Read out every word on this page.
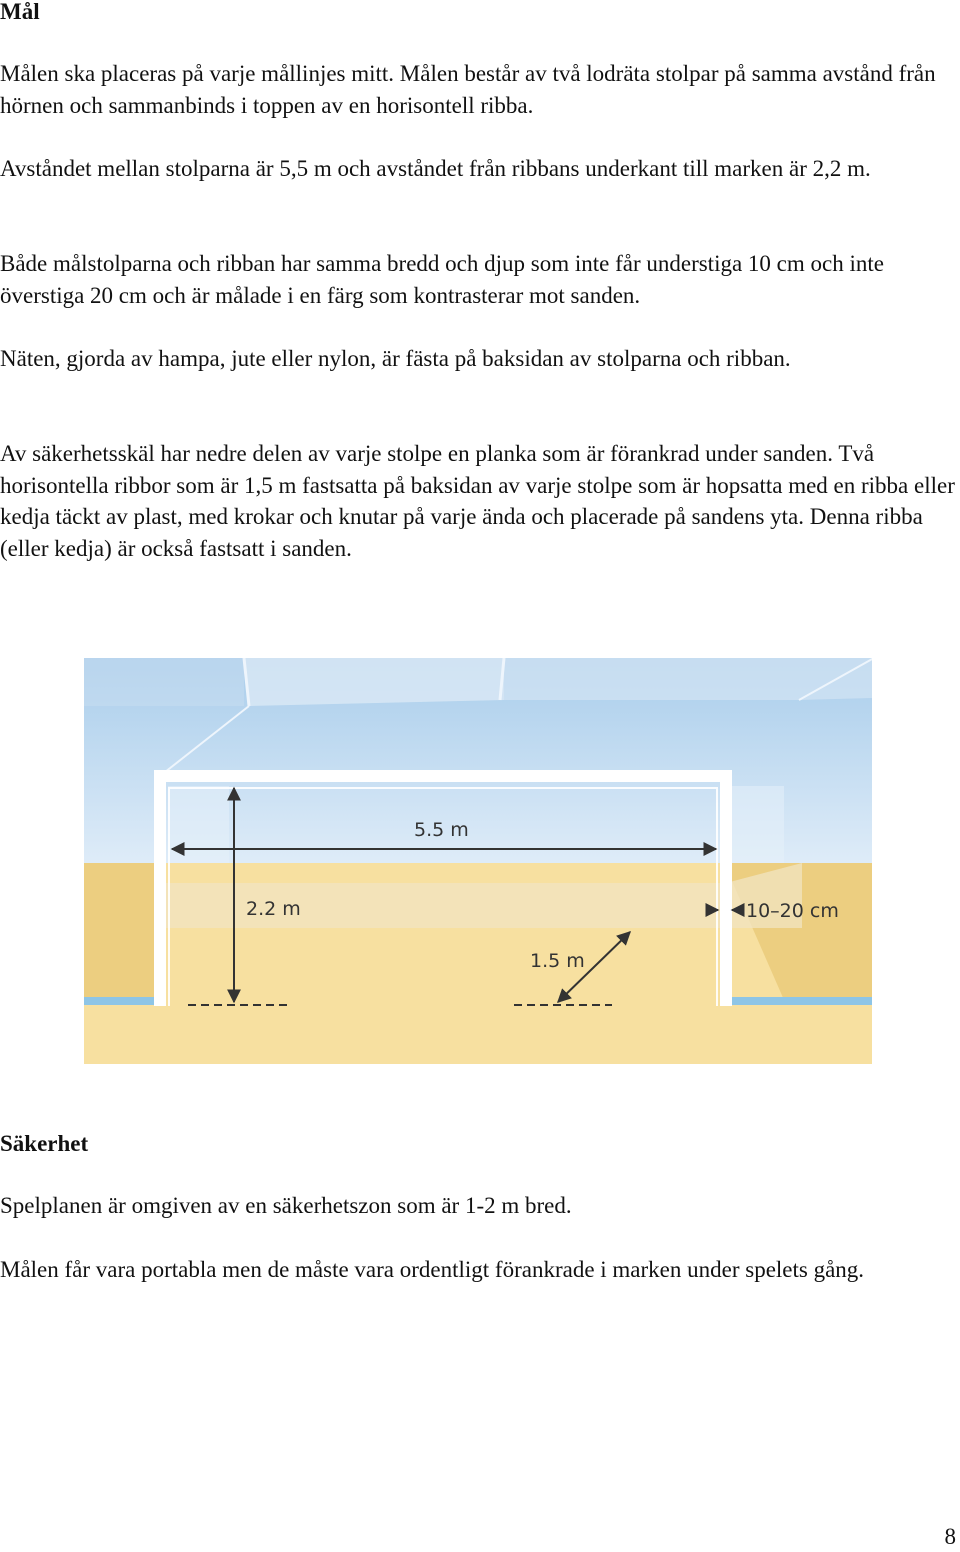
Mål

Målen ska placeras på varje mållinjes mitt. Målen består av två lodräta stolpar på samma avstånd från hörnen och sammanbinds i toppen av en horisontell ribba.

Avståndet mellan stolparna är 5,5 m och avståndet från ribbans underkant till marken är 2,2 m.

Både målstolparna och ribban har samma bredd och djup som inte får understiga 10 cm och inte överstiga 20 cm och är målade i en färg som kontrasterar mot sanden.

Näten, gjorda av hampa, jute eller nylon, är fästa på baksidan av stolparna och ribban.

Av säkerhetsskäl har nedre delen av varje stolpe en planka som är förankrad under sanden. Två horisontella ribbor som är 1,5 m fastsatta på baksidan av varje stolpe som är hopsatta med en ribba eller kedja täckt av plast, med krokar och knutar på varje ända och placerade på sandens yta. Denna ribba (eller kedja) är också fastsatt i sanden.

5.5 m
2.2 m
1.5 m
10–20 cm
Säkerhet

Spelplanen är omgiven av en säkerhetszon som är 1-2 m bred.

Målen får vara portabla men de måste vara ordentligt förankrade i marken under spelets gång.

8
